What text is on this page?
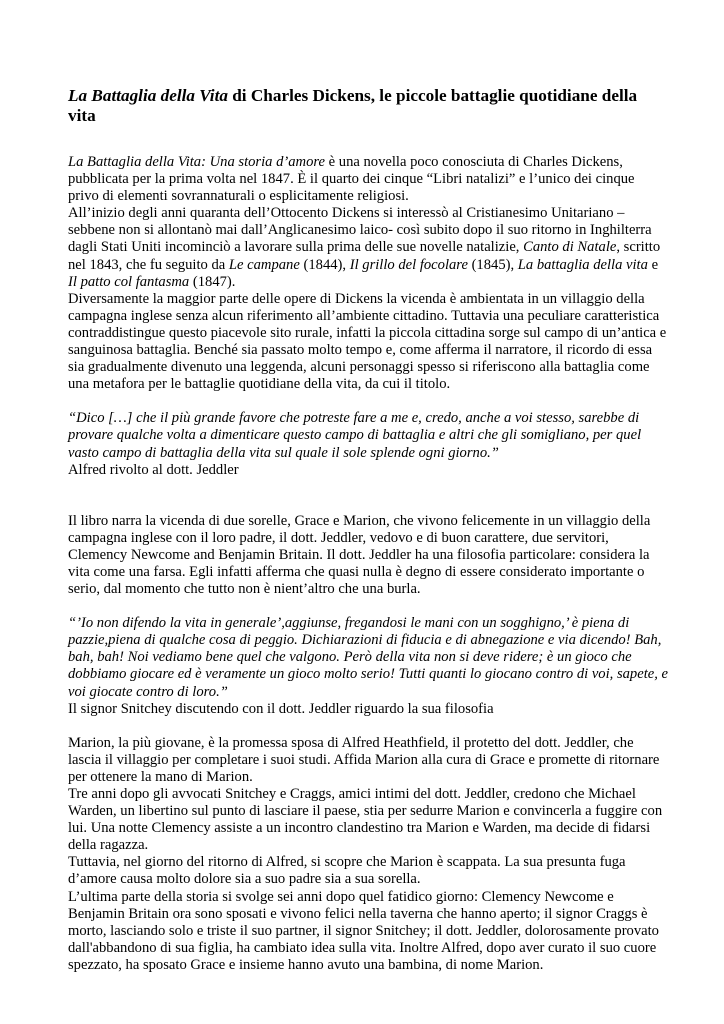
La Battaglia della Vita di Charles Dickens, le piccole battaglie quotidiane della vita

La Battaglia della Vita: Una storia d’amore è una novella poco conosciuta di Charles Dickens, pubblicata per la prima volta nel 1847. È il quarto dei cinque “Libri natalizi” e l’unico dei cinque privo di elementi sovrannaturali o esplicitamente religiosi.

All’inizio degli anni quaranta dell’Ottocento Dickens si interessò al Cristianesimo Unitariano – sebbene non si allontanò mai dall’Anglicanesimo laico- così subito dopo il suo ritorno in Inghilterra dagli Stati Uniti incominciò a lavorare sulla prima delle sue novelle natalizie, Canto di Natale, scritto nel 1843, che fu seguito da Le campane (1844), Il grillo del focolare (1845), La battaglia della vita e Il patto col fantasma (1847).

Diversamente la maggior parte delle opere di Dickens la vicenda è ambientata in un villaggio della campagna inglese senza alcun riferimento all’ambiente cittadino. Tuttavia una peculiare caratteristica contraddistingue questo piacevole sito rurale, infatti la piccola cittadina sorge sul campo di un’antica e sanguinosa battaglia. Benché sia passato molto tempo e, come afferma il narratore, il ricordo di essa sia gradualmente divenuto una leggenda, alcuni personaggi spesso si riferiscono alla battaglia come una metafora per le battaglie quotidiane della vita, da cui il titolo.

“Dico […] che il più grande favore che potreste fare a me e, credo, anche a voi stesso, sarebbe di provare qualche volta a dimenticare questo campo di battaglia e altri che gli somigliano, per quel vasto campo di battaglia della vita sul quale il sole splende ogni giorno.”

Alfred rivolto al dott. Jeddler

Il libro narra la vicenda di due sorelle, Grace e Marion, che vivono felicemente in un villaggio della campagna inglese con il loro padre, il dott. Jeddler, vedovo e di buon carattere, due servitori, Clemency Newcome and Benjamin Britain. Il dott. Jeddler ha una filosofia particolare: considera la vita come una farsa. Egli infatti afferma che quasi nulla è degno di essere considerato importante o serio, dal momento che tutto non è nient’altro che una burla.

“’Io non difendo la vita in generale’,aggiunse, fregandosi le mani con un sogghigno,’ è piena di pazzie,piena di qualche cosa di peggio. Dichiarazioni di fiducia e di abnegazione e via dicendo! Bah, bah, bah! Noi vediamo bene quel che valgono. Però della vita non si deve ridere; è un gioco che dobbiamo giocare ed è veramente un gioco molto serio! Tutti quanti lo giocano contro di voi, sapete, e voi giocate contro di loro.”

Il signor Snitchey discutendo con il dott. Jeddler riguardo la sua filosofia

Marion, la più giovane, è la promessa sposa di Alfred Heathfield, il protetto del dott. Jeddler, che lascia il villaggio per completare i suoi studi. Affida Marion alla cura di Grace e promette di ritornare per ottenere la mano di Marion.

Tre anni dopo gli avvocati Snitchey e Craggs, amici intimi del dott. Jeddler, credono che Michael Warden, un libertino sul punto di lasciare il paese, stia per sedurre Marion e convincerla a fuggire con lui. Una notte Clemency assiste a un incontro clandestino tra Marion e Warden, ma decide di fidarsi della ragazza.

Tuttavia, nel giorno del ritorno di Alfred, si scopre che Marion è scappata. La sua presunta fuga d’amore causa molto dolore sia a suo padre sia a sua sorella.

L’ultima parte della storia si svolge sei anni dopo quel fatidico giorno: Clemency Newcome e Benjamin Britain ora sono sposati e vivono felici nella taverna che hanno aperto; il signor Craggs è morto, lasciando solo e triste il suo partner, il signor Snitchey; il dott. Jeddler, dolorosamente provato dall'abbandono di sua figlia, ha cambiato idea sulla vita. Inoltre Alfred, dopo aver curato il suo cuore spezzato, ha sposato Grace e insieme hanno avuto una bambina, di nome Marion.
